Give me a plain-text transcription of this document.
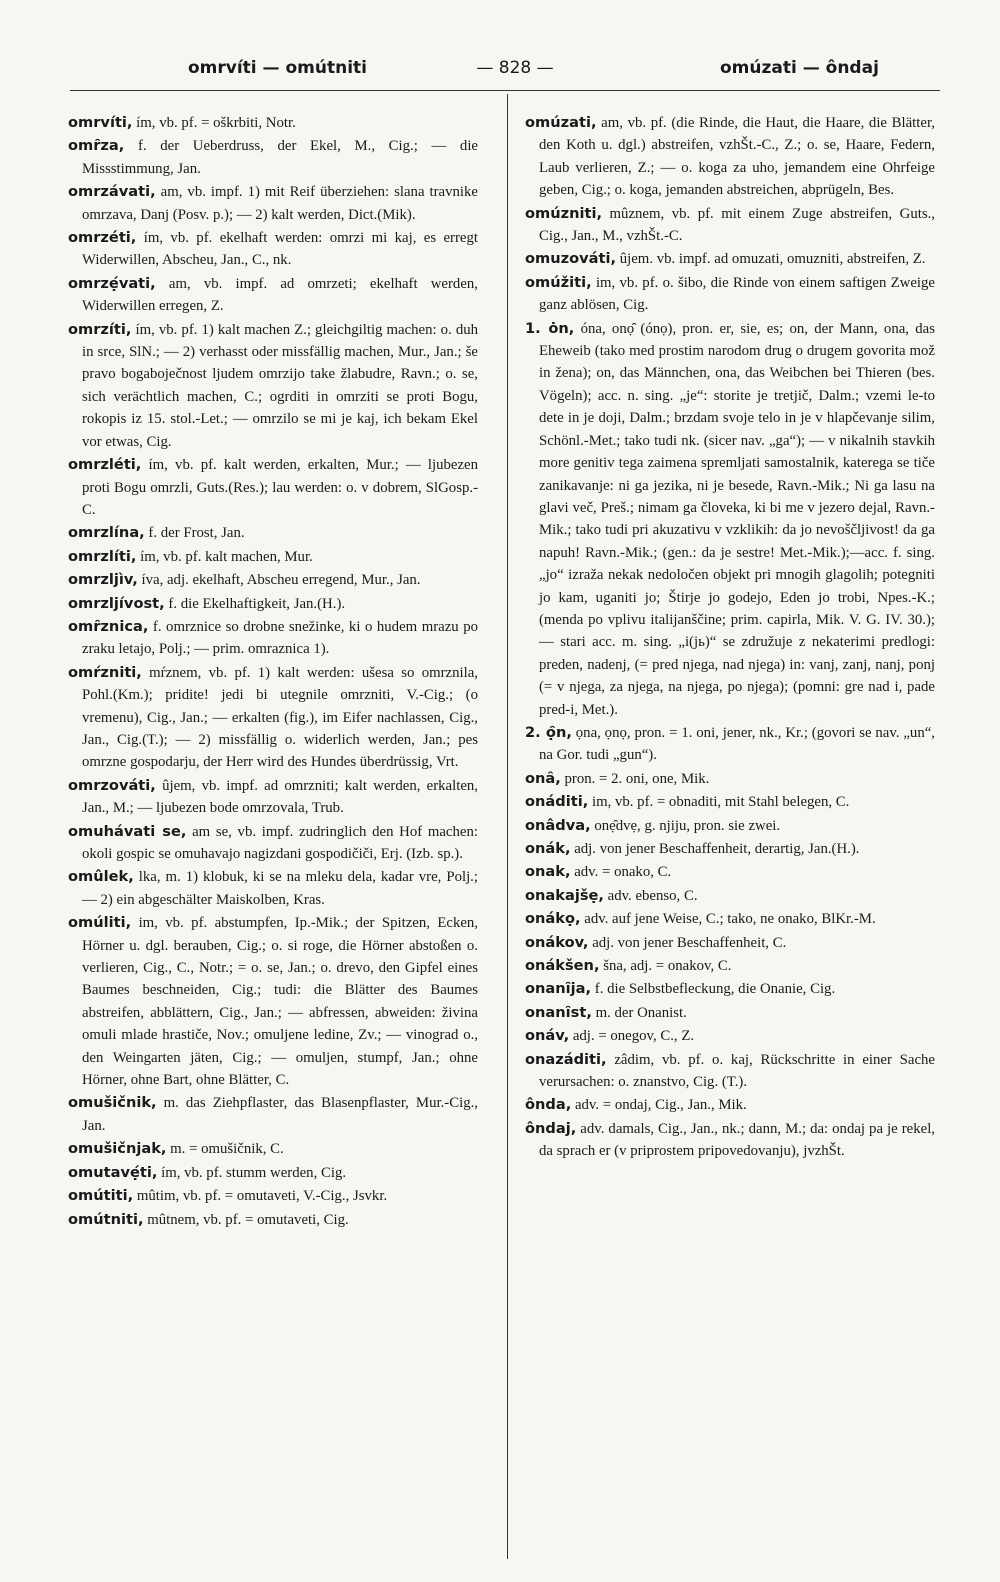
omrvíti — omútniti	— 828 —	omúzati — ôndaj

omrvíti, ím, vb. pf. = oškrbiti, Notr.

omȓza, f. der Ueberdruss, der Ekel, M., Cig.; — die Missstimmung, Jan.

omrzávati, am, vb. impf. 1) mit Reif überziehen: slana travnike omrzava, Danj (Posv. p.); — 2) kalt werden, Dict.(Mik).

omrzéti, ím, vb. pf. ekelhaft werden: omrzi mi kaj, es erregt Widerwillen, Abscheu, Jan., C., nk.

omrzẹ́vati, am, vb. impf. ad omrzeti; ekelhaft werden, Widerwillen erregen, Z.

omrzíti, ím, vb. pf. 1) kalt machen Z.; gleichgiltig machen: o. duh in srce, SlN.; — 2) verhasst oder missfällig machen, Mur., Jan.; še pravo bogaboječnost ljudem omrzijo take žlabudre, Ravn.; o. se, sich verächtlich machen, C.; ogrditi in omrziti se proti Bogu, rokopis iz 15. stol.-Let.; — omrzilo se mi je kaj, ich bekam Ekel vor etwas, Cig.

omrzléti, ím, vb. pf. kalt werden, erkalten, Mur.; — ljubezen proti Bogu omrzli, Guts.(Res.); lau werden: o. v dobrem, SlGosp.-C.

omrzlína, f. der Frost, Jan.

omrzlíti, ím, vb. pf. kalt machen, Mur.

omrzljìv, íva, adj. ekelhaft, Abscheu erregend, Mur., Jan.

omrzljívost, f. die Ekelhaftigkeit, Jan.(H.).

omȓznica, f. omrznice so drobne snežinke, ki o hudem mrazu po zraku letajo, Polj.; — prim. omraznica 1).

omŕzniti, mŕznem, vb. pf. 1) kalt werden: ušesa so omrznila, Pohl.(Km.); pridite! jedi bi utegnile omrzniti, V.-Cig.; (o vremenu), Cig., Jan.; — erkalten (fig.), im Eifer nachlassen, Cig., Jan., Cig.(T.); — 2) missfällig o. widerlich werden, Jan.; pes omrzne gospodarju, der Herr wird des Hundes überdrüssig, Vrt.

omrzováti, ûjem, vb. impf. ad omrzniti; kalt werden, erkalten, Jan., M.; — ljubezen bode omrzovala, Trub.

omuhávati se, am se, vb. impf. zudringlich den Hof machen: okoli gospic se omuhavajo nagizdani gospodičiči, Erj. (Izb. sp.).

omûlek, lka, m. 1) klobuk, ki se na mleku dela, kadar vre, Polj.; — 2) ein abgeschälter Maiskolben, Kras.

omúliti, im, vb. pf. abstumpfen, Ip.-Mik.; der Spitzen, Ecken, Hörner u. dgl. berauben, Cig.; o. si roge, die Hörner abstoßen o. verlieren, Cig., C., Notr.; = o. se, Jan.; o. drevo, den Gipfel eines Baumes beschneiden, Cig.; tudi: die Blätter des Baumes abstreifen, abblättern, Cig., Jan.; — abfressen, abweiden: živina omuli mlade hrastiče, Nov.; omuljene ledine, Zv.; — vinograd o., den Weingarten jäten, Cig.; — omuljen, stumpf, Jan.; ohne Hörner, ohne Bart, ohne Blätter, C.

omušičnik, m. das Ziehpflaster, das Blasenpflaster, Mur.-Cig., Jan.

omušičnjak, m. = omušičnik, C.

omutavẹ́ti, ím, vb. pf. stumm werden, Cig.

omútiti, mûtim, vb. pf. = omutaveti, V.-Cig., Jsvkr.

omútniti, mûtnem, vb. pf. = omutaveti, Cig.

omúzati, am, vb. pf. (die Rinde, die Haut, die Haare, die Blätter, den Koth u. dgl.) abstreifen, vzhŠt.-C., Z.; o. se, Haare, Federn, Laub verlieren, Z.; — o. koga za uho, jemandem eine Ohrfeige geben, Cig.; o. koga, jemanden abstreichen, abprügeln, Bes.

omúzniti, mûznem, vb. pf. mit einem Zuge abstreifen, Guts., Cig., Jan., M., vzhŠt.-C.

omuzováti, ûjem. vb. impf. ad omuzati, omuzniti, abstreifen, Z.

omúžiti, im, vb. pf. o. šibo, die Rinde von einem saftigen Zweige ganz ablösen, Cig.

1. ȯn, óna, onọ̑ (ónọ), pron. er, sie, es; on, der Mann, ona, das Eheweib (tako med prostim narodom drug o drugem govorita mož in žena); on, das Männchen, ona, das Weibchen bei Thieren (bes. Vögeln); acc. n. sing. „je“: storite je tretjič, Dalm.; vzemi le-to dete in je doji, Dalm.; brzdam svoje telo in je v hlapčevanje silim, Schönl.-Met.; tako tudi nk. (sicer nav. „ga“); — v nikalnih stavkih more genitiv tega zaimena spremljati samostalnik, katerega se tiče zanikavanje: ni ga jezika, ni je besede, Ravn.-Mik.; Ni ga lasu na glavi več, Preš.; nimam ga človeka, ki bi me v jezero dejal, Ravn.-Mik.; tako tudi pri akuzativu v vzklikih: da jo nevoščljivost! da ga napuh! Ravn.-Mik.; (gen.: da je sestre! Met.-Mik.);—acc. f. sing. „jo“ izraža nekak nedoločen objekt pri mnogih glagolih; potegniti jo kam, uganiti jo; Štirje jo godejo, Eden jo trobi, Npes.-K.; (menda po vplivu italijanščine; prim. capirla, Mik. V. G. IV. 30.); — stari acc. m. sing. „i(jь)“ se združuje z nekaterimi predlogi: preden, nadenj, (= pred njega, nad njega) in: vanj, zanj, nanj, ponj (= v njega, za njega, na njega, po njega); (pomni: gre nad i, pade pred-i, Met.).

2. ọ̑n, ọna, ọnọ, pron. = 1. oni, jener, nk., Kr.; (govori se nav. „un“, na Gor. tudi „gun“).

onȃ, pron. = 2. oni, one, Mik.

onáditi, im, vb. pf. = obnaditi, mit Stahl belegen, C.

onâdva, onẹ̑dvẹ, g. njiju, pron. sie zwei.

onák, adj. von jener Beschaffenheit, derartig, Jan.(H.).

onak, adv. = onako, C.

onakajšẹ, adv. ebenso, C.

onákọ, adv. auf jene Weise, C.; tako, ne onako, BlKr.-M.

onákov, adj. von jener Beschaffenheit, C.

onákšen, šna, adj. = onakov, C.

onanȋja, f. die Selbstbefleckung, die Onanie, Cig.

onanȋst, m. der Onanist.

onáv, adj. = onegov, C., Z.

onazáditi, zâdim, vb. pf. o. kaj, Rückschritte in einer Sache verursachen: o. znanstvo, Cig. (T.).

ônda, adv. = ondaj, Cig., Jan., Mik.

ôndaj, adv. damals, Cig., Jan., nk.; dann, M.; da: ondaj pa je rekel, da sprach er (v priprostem pripovedovanju), jvzhŠt.
